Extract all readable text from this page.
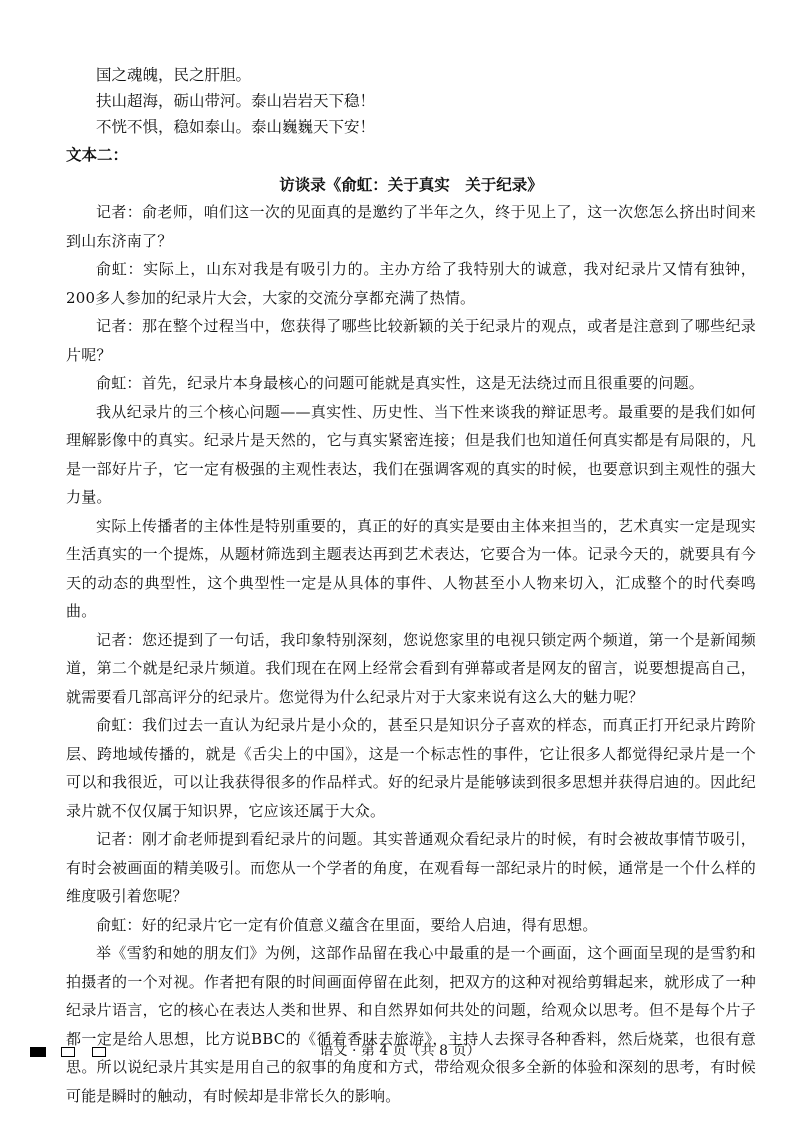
国之魂魄，民之肝胆。

扶山超海，砺山带河。泰山岩岩天下稳！

不恍不惧，稳如泰山。泰山巍巍天下安！

文本二：

访谈录《俞虹：关于真实　关于纪录》

记者：俞老师，咱们这一次的见面真的是邀约了半年之久，终于见上了，这一次您怎么挤出时间来到山东济南了？

俞虹：实际上，山东对我是有吸引力的。主办方给了我特别大的诚意，我对纪录片又情有独钟，200多人参加的纪录片大会，大家的交流分享都充满了热情。

记者：那在整个过程当中，您获得了哪些比较新颖的关于纪录片的观点，或者是注意到了哪些纪录片呢？

俞虹：首先，纪录片本身最核心的问题可能就是真实性，这是无法绕过而且很重要的问题。

我从纪录片的三个核心问题——真实性、历史性、当下性来谈我的辩证思考。最重要的是我们如何理解影像中的真实。纪录片是天然的，它与真实紧密连接；但是我们也知道任何真实都是有局限的，凡是一部好片子，它一定有极强的主观性表达，我们在强调客观的真实的时候，也要意识到主观性的强大力量。

实际上传播者的主体性是特别重要的，真正的好的真实是要由主体来担当的，艺术真实一定是现实生活真实的一个提炼，从题材筛选到主题表达再到艺术表达，它要合为一体。记录今天的，就要具有今天的动态的典型性，这个典型性一定是从具体的事件、人物甚至小人物来切入，汇成整个的时代奏鸣曲。

记者：您还提到了一句话，我印象特别深刻，您说您家里的电视只锁定两个频道，第一个是新闻频道，第二个就是纪录片频道。我们现在在网上经常会看到有弹幕或者是网友的留言，说要想提高自己，就需要看几部高评分的纪录片。您觉得为什么纪录片对于大家来说有这么大的魅力呢？

俞虹：我们过去一直认为纪录片是小众的，甚至只是知识分子喜欢的样态，而真正打开纪录片跨阶层、跨地域传播的，就是《舌尖上的中国》，这是一个标志性的事件，它让很多人都觉得纪录片是一个可以和我很近，可以让我获得很多的作品样式。好的纪录片是能够读到很多思想并获得启迪的。因此纪录片就不仅仅属于知识界，它应该还属于大众。

记者：刚才俞老师提到看纪录片的问题。其实普通观众看纪录片的时候，有时会被故事情节吸引，有时会被画面的精美吸引。而您从一个学者的角度，在观看每一部纪录片的时候，通常是一个什么样的维度吸引着您呢？

俞虹：好的纪录片它一定有价值意义蕴含在里面，要给人启迪，得有思想。

举《雪豹和她的朋友们》为例，这部作品留在我心中最重的是一个画面，这个画面呈现的是雪豹和拍摄者的一个对视。作者把有限的时间画面停留在此刻，把双方的这种对视给剪辑起来，就形成了一种纪录片语言，它的核心在表达人类和世界、和自然界如何共处的问题，给观众以思考。但不是每个片子都一定是给人思想，比方说BBC的《循着香味去旅游》，主持人去探寻各种香料，然后烧菜，也很有意思。所以说纪录片其实是用自己的叙事的角度和方式，带给观众很多全新的体验和深刻的思考，有时候可能是瞬时的触动，有时候却是非常长久的影响。

语文 · 第 4 页（共 8 页）
